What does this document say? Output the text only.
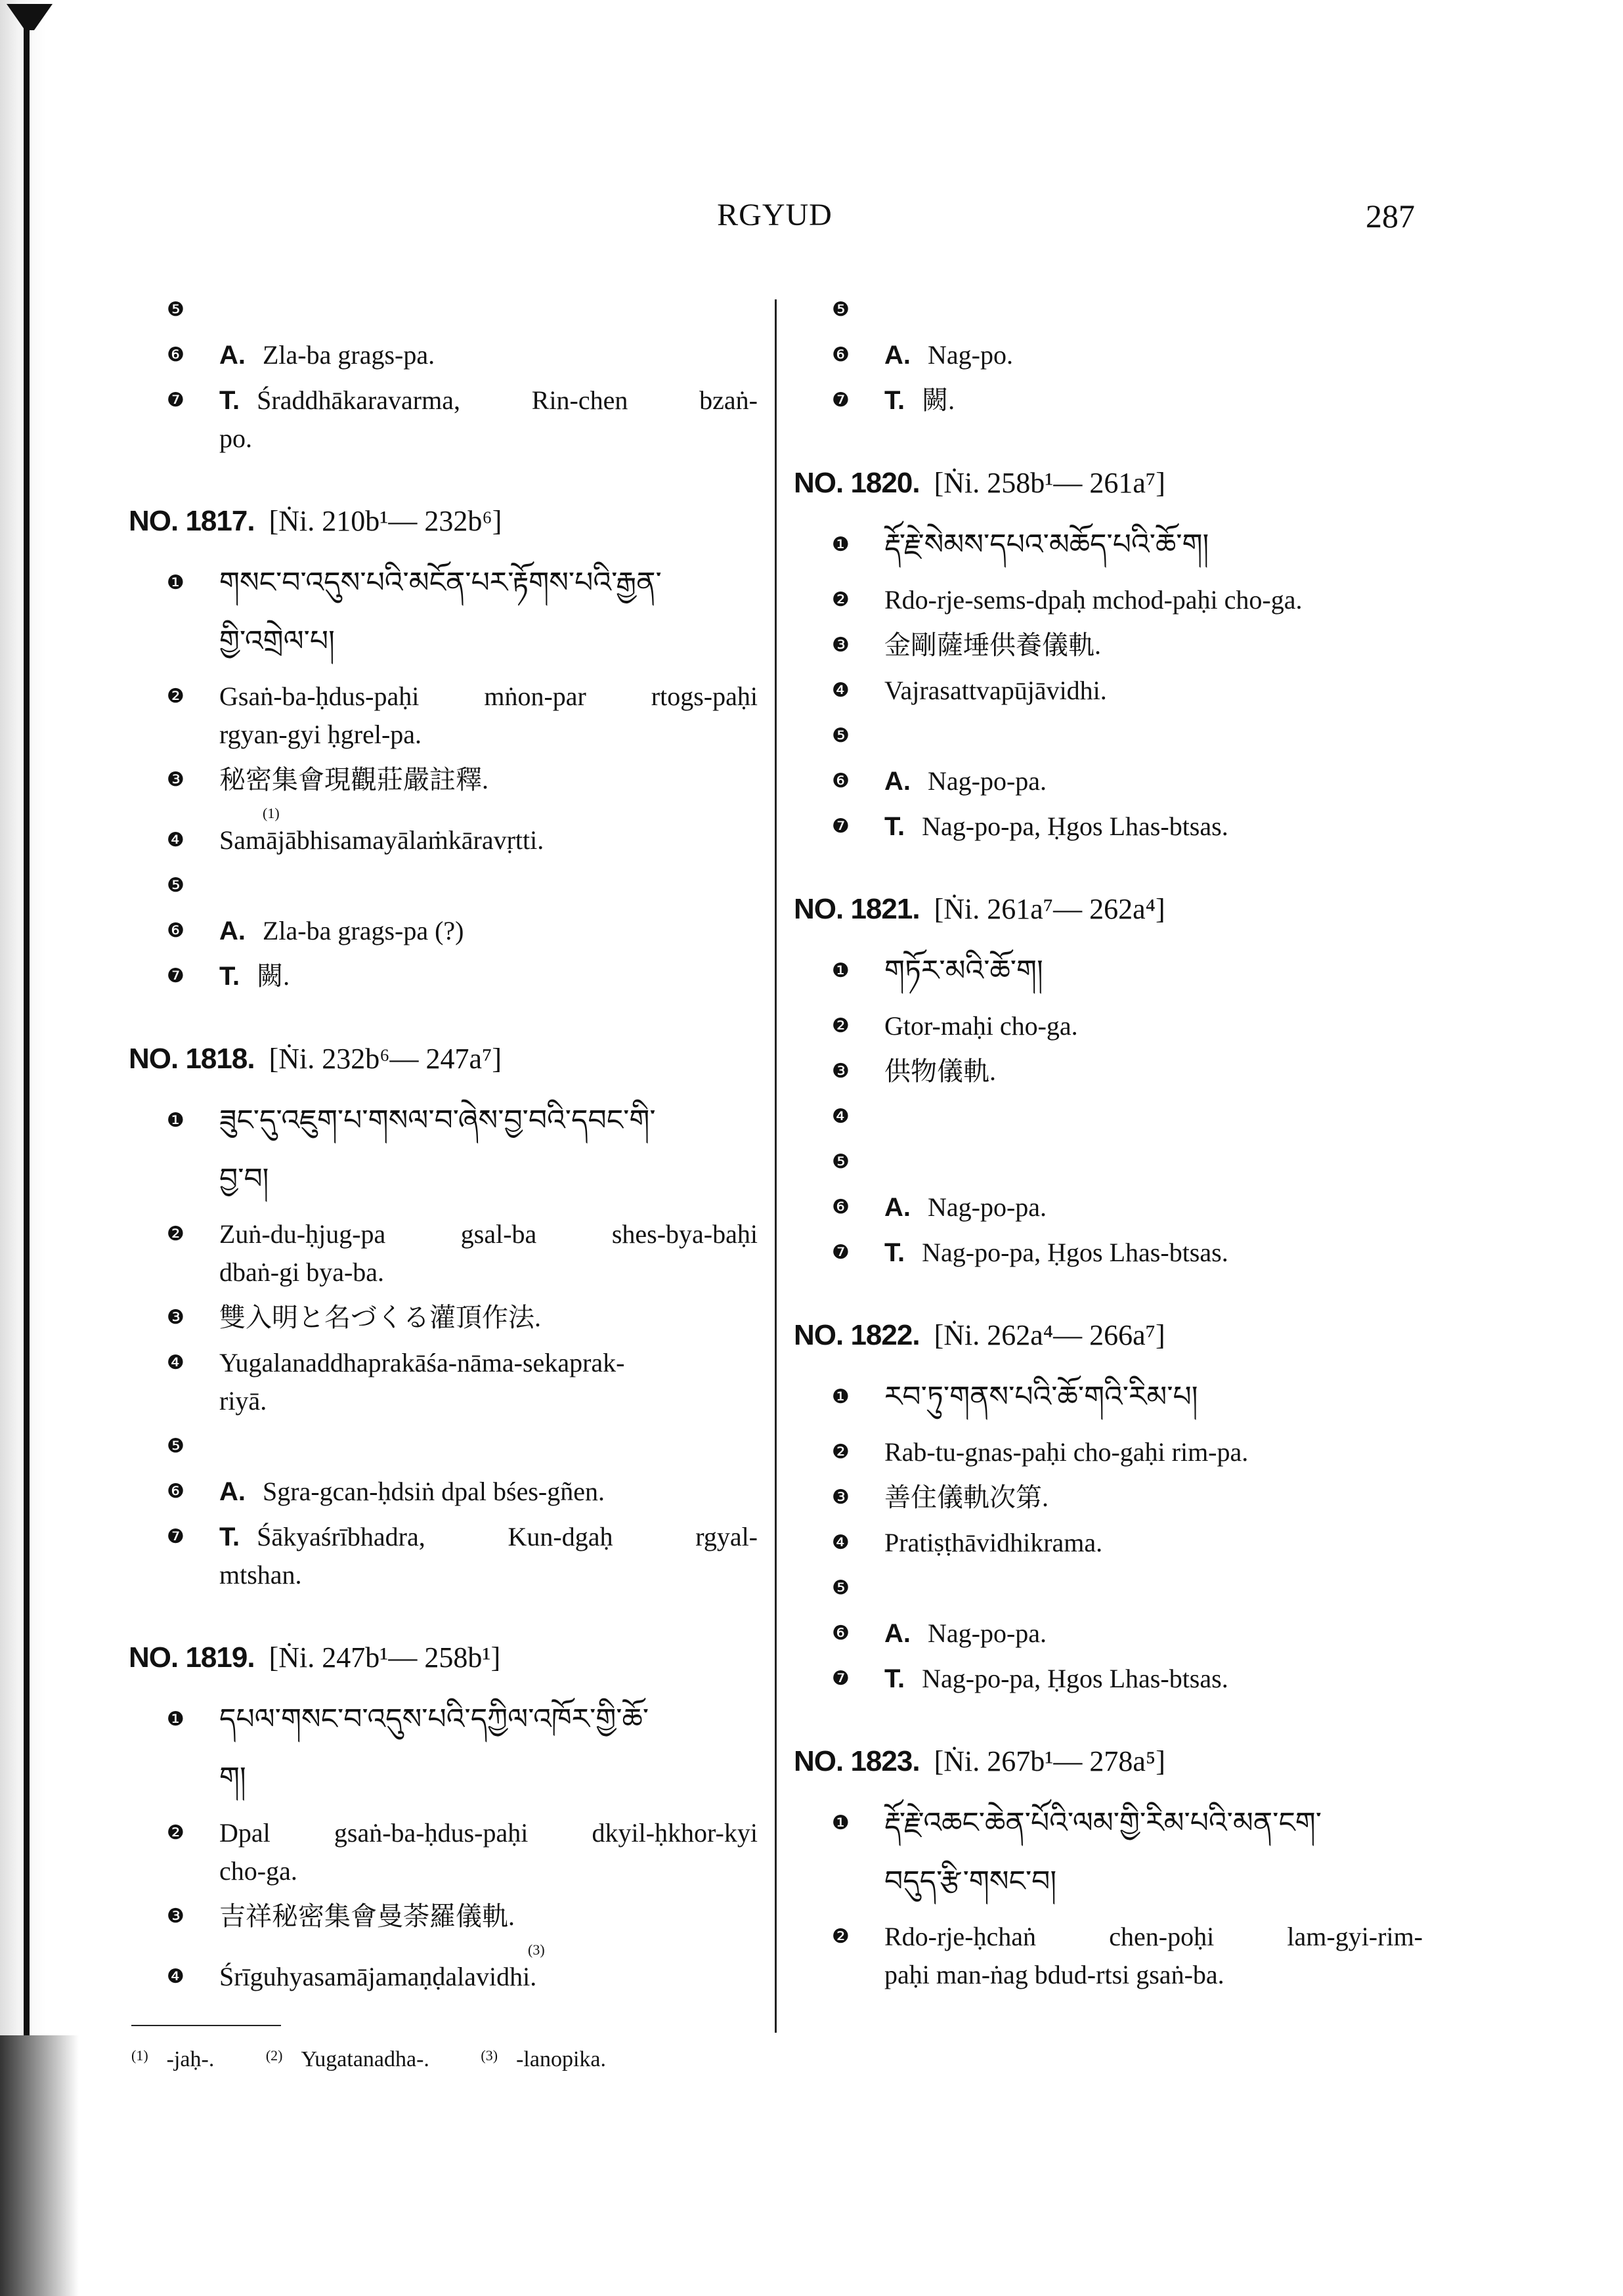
RGYUD	287
❺

❻ A. Zla-ba grags-pa.
❼ T. Śraddhākaravarma, Rin-chen bzaṅ-
po.
NO. 1817. [Ṅi. 210b¹— 232b⁶]
❶ གསང་བ་འདུས་པའི་མངོན་པར་རྟོགས་པའི་རྒྱན་
གྱི་འགྲེལ་པ།
❷ Gsaṅ-ba-ḥdus-paḥi mṅon-par rtogs-paḥi
rgyan-gyi ḥgrel-pa.
❸ 秘密集會現觀莊嚴註釋.
❹
(1)
Samājābhisamayālaṁkāravṛtti.
❺

❻ A. Zla-ba grags-pa (?)
❼ T. 闕.
NO. 1818. [Ṅi. 232b⁶— 247a⁷]
❶ ཟུང་དུ་འཇུག་པ་གསལ་བ་ཞེས་བྱ་བའི་དབང་གི་
བྱ་བ།
❷ Zuṅ-du-ḥjug-pa gsal-ba shes-bya-baḥi
dbaṅ-gi bya-ba.
❸ 雙入明と名づくる灌頂作法.
❹ Yugalanaddhaprakāśa-nāma-sekaprak-
riyā.
❺

❻ A. Sgra-gcan-ḥdsiṅ dpal bśes-gñen.
❼ T. Śākyaśrībhadra, Kun-dgaḥ rgyal-
mtshan.
NO. 1819. [Ṅi. 247b¹— 258b¹]
❶ དཔལ་གསང་བ་འདུས་པའི་དཀྱིལ་འཁོར་གྱི་ཆོ་
ག།
❷ Dpal gsaṅ-ba-ḥdus-paḥi dkyil-ḥkhor-kyi
cho-ga.
❸ 吉祥秘密集會曼荼羅儀軌.
❹
(3)
Śrīguhyasamājamaṇḍalavidhi.
❺

❻ A. Nag-po.
❼ T. 闕.
NO. 1820. [Ṅi. 258b¹— 261a⁷]
❶ རྡོ་རྗེ་སེམས་དཔའ་མཆོད་པའི་ཆོ་ག།
❷ Rdo-rje-sems-dpaḥ mchod-paḥi cho-ga.
❸ 金剛薩埵供養儀軌.
❹ Vajrasattvapūjāvidhi.
❺

❻ A. Nag-po-pa.
❼ T. Nag-po-pa, Ḥgos Lhas-btsas.
NO. 1821. [Ṅi. 261a⁷— 262a⁴]
❶ གཏོར་མའི་ཆོ་ག།
❷ Gtor-maḥi cho-ga.
❸ 供物儀軌.
❹

❺

❻ A. Nag-po-pa.
❼ T. Nag-po-pa, Ḥgos Lhas-btsas.
NO. 1822. [Ṅi. 262a⁴— 266a⁷]
❶ རབ་ཏུ་གནས་པའི་ཆོ་གའི་རིམ་པ།
❷ Rab-tu-gnas-paḥi cho-gaḥi rim-pa.
❸ 善住儀軌次第.
❹ Pratiṣṭhāvidhikrama.
❺

❻ A. Nag-po-pa.
❼ T. Nag-po-pa, Ḥgos Lhas-btsas.
NO. 1823. [Ṅi. 267b¹— 278a⁵]
❶ རྡོ་རྗེ་འཆང་ཆེན་པོའི་ལམ་གྱི་རིམ་པའི་མན་ངག་
བདུད་རྩི་གསང་བ།
❷ Rdo-rje-ḥchaṅ chen-poḥi lam-gyi-rim-
paḥi man-ṅag bdud-rtsi gsaṅ-ba.
$^{(1)}$ -jaḥ-.	$^{(2)}$ Yugatanadha-.	$^{(3)}$ -lanopika.
